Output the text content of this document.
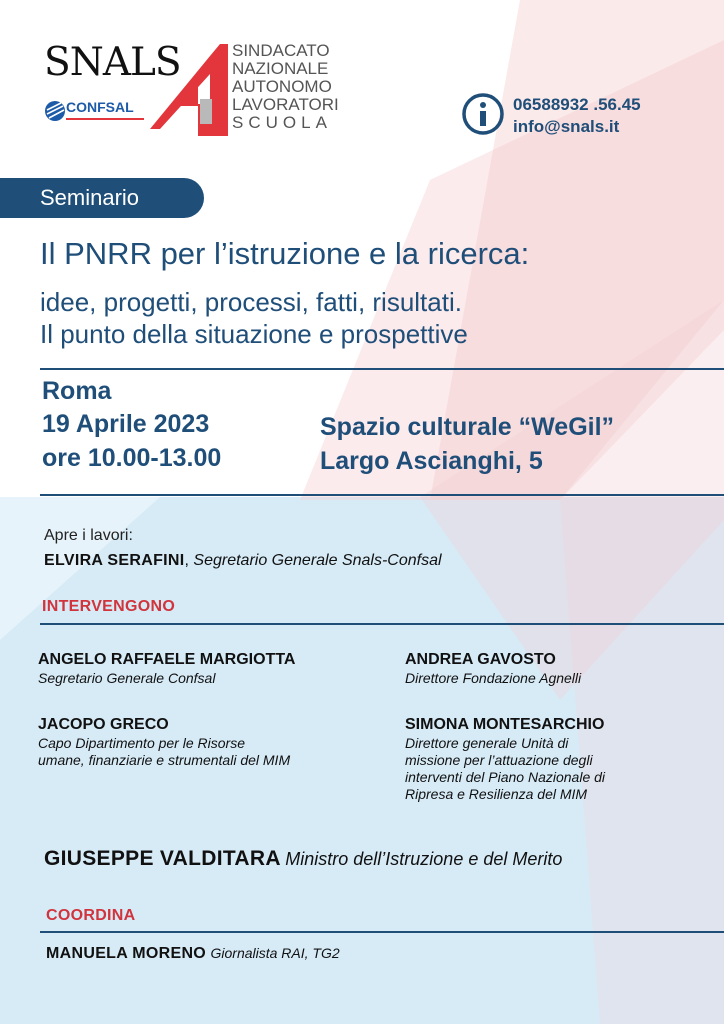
SNALS
CONFSAL
SINDACATO
NAZIONALE
AUTONOMO
LAVORATORI
SCUOLA
06588932 .56.45
info@snals.it
Seminario
Il PNRR per l’istruzione e la ricerca:
idee, progetti, processi, fatti, risultati.
Il punto della situazione e prospettive
Roma
19 Aprile 2023
ore 10.00-13.00
Spazio culturale “WeGil”
Largo Ascianghi, 5
Apre i lavori:
ELVIRA SERAFINI, Segretario Generale Snals-Confsal
INTERVENGONO
ANGELO RAFFAELE MARGIOTTA
Segretario Generale Confsal
ANDREA GAVOSTO
Direttore Fondazione Agnelli
JACOPO GRECO
Capo Dipartimento per le Risorse
umane, finanziarie e strumentali del MIM
SIMONA MONTESARCHIO
Direttore generale Unità di
missione per l’attuazione degli
interventi del Piano Nazionale di
Ripresa e Resilienza del MIM
GIUSEPPE VALDITARA Ministro dell’Istruzione e del Merito
COORDINA
MANUELA MORENO Giornalista RAI, TG2
